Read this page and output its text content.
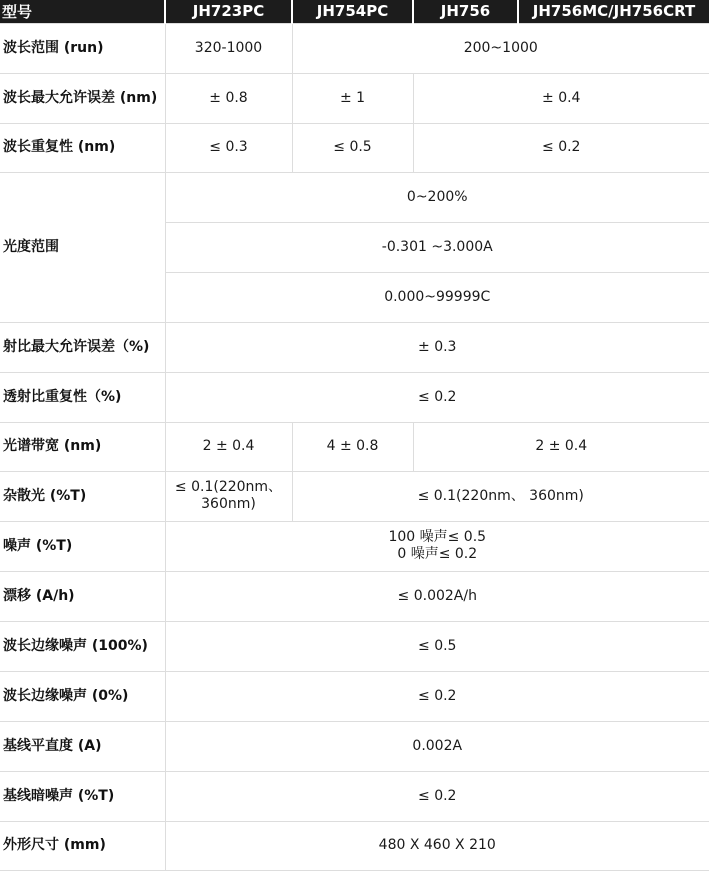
型号	JH723PC	JH754PC	JH756	JH756MC/JH756CRT
波长范围 (run)	320-1000	200~1000		
波长最大允许误差 (nm)	± 0.8	± 1	± 0.4	
波长重复性 (nm)	≤ 0.3	≤ 0.5	≤ 0.2	
光度范围	0~200%			
	-0.301 ~3.000A			
	0.000~99999C			
射比最大允许误差（%)	± 0.3			
透射比重复性（%)	≤ 0.2			
光谱带宽 (nm)	2 ± 0.4	4 ± 0.8	2 ± 0.4	
杂散光 (%T)	≤ 0.1(220nm、360nm)	≤ 0.1(220nm、 360nm)		
噪声 (%T)	100 噪声≤ 0.5
0 噪声≤ 0.2			

漂移 (A/h)	≤ 0.002A/h			
波长边缘噪声 (100%)	≤ 0.5			
波长边缘噪声 (0%)	≤ 0.2			
基线平直度 (A)	0.002A			
基线暗噪声 (%T)	≤ 0.2			
外形尺寸 (mm)	480 X 460 X 210			
